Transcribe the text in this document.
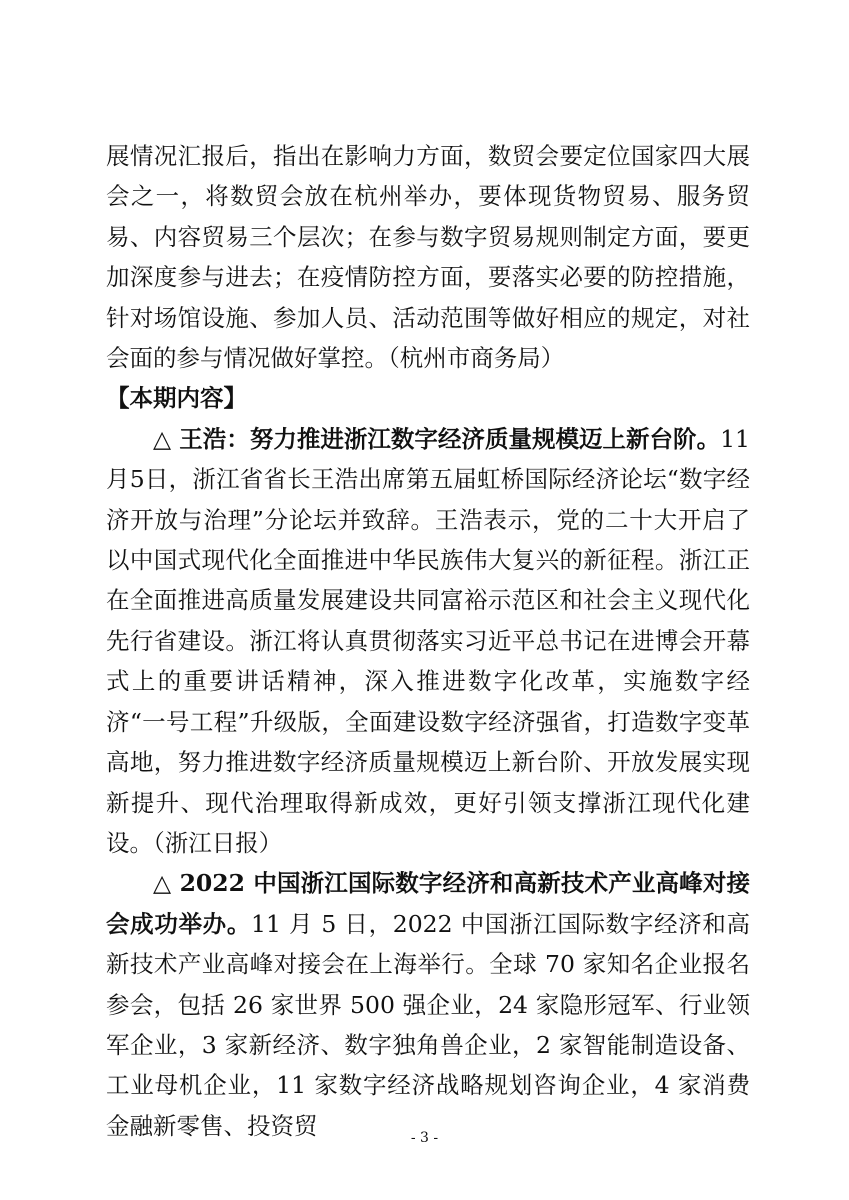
展情况汇报后，指出在影响力方面，数贸会要定位国家四大展会之一，将数贸会放在杭州举办，要体现货物贸易、服务贸易、内容贸易三个层次；在参与数字贸易规则制定方面，要更加深度参与进去；在疫情防控方面，要落实必要的防控措施，针对场馆设施、参加人员、活动范围等做好相应的规定，对社会面的参与情况做好掌控。（杭州市商务局）

【本期内容】

△ 王浩：努力推进浙江数字经济质量规模迈上新台阶。11月5日，浙江省省长王浩出席第五届虹桥国际经济论坛“数字经济开放与治理”分论坛并致辞。王浩表示，党的二十大开启了以中国式现代化全面推进中华民族伟大复兴的新征程。浙江正在全面推进高质量发展建设共同富裕示范区和社会主义现代化先行省建设。浙江将认真贯彻落实习近平总书记在进博会开幕式上的重要讲话精神，深入推进数字化改革，实施数字经济“一号工程”升级版，全面建设数字经济强省，打造数字变革高地，努力推进数字经济质量规模迈上新台阶、开放发展实现新提升、现代治理取得新成效，更好引领支撑浙江现代化建设。（浙江日报）

△ 2022 中国浙江国际数字经济和高新技术产业高峰对接会成功举办。11 月 5 日，2022 中国浙江国际数字经济和高新技术产业高峰对接会在上海举行。全球 70 家知名企业报名参会，包括 26 家世界 500 强企业，24 家隐形冠军、行业领军企业，3 家新经济、数字独角兽企业，2 家智能制造设备、工业母机企业，11 家数字经济战略规划咨询企业，4 家消费金融新零售、投资贸	- 3 -
